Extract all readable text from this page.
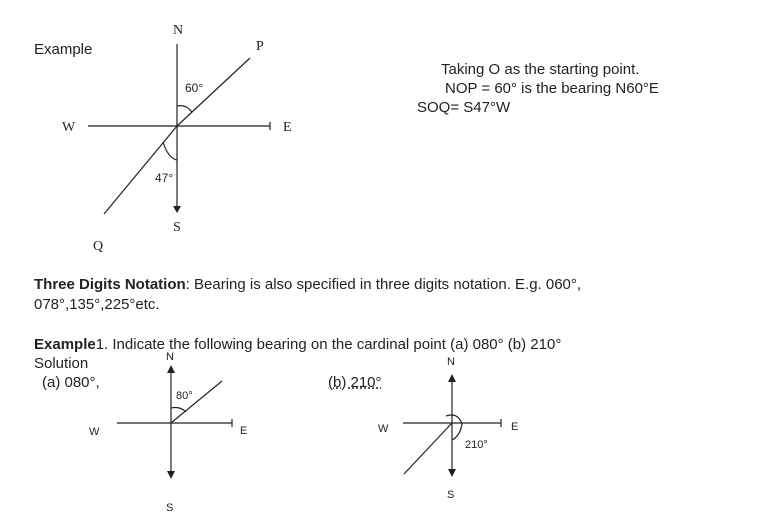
Example
N
P
W	E
S
Q
60°
47°
Taking O as the starting point.
NOP = 60° is the bearing N60°E
SOQ= S47°W
Three Digits Notation: Bearing is also specified in three digits notation. E.g. 060°,
078°,135°,225°etc.
Example1. Indicate the following bearing on the cardinal point (a) 080° (b) 210°
Solution
(a) 080°,
N
W	E
S
80°
(b) 210°
N
W	E
S
210°
